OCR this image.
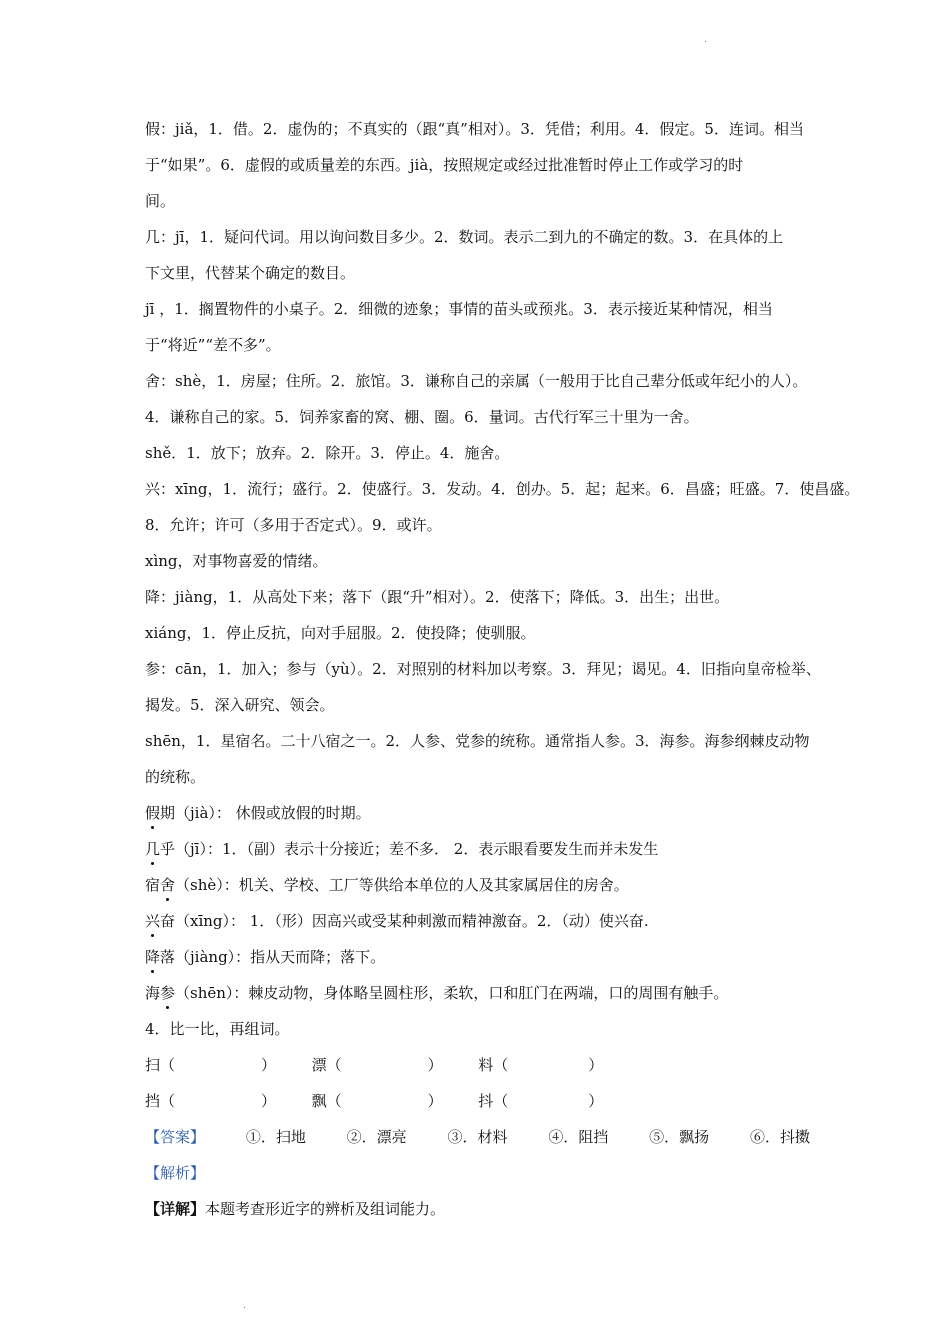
·
假：jiǎ，1．借。2．虚伪的；不真实的（跟“真”相对）。3．凭借；利用。4．假定。5．连词。相当
于“如果”。6．虚假的或质量差的东西。jià，按照规定或经过批准暂时停止工作或学习的时
间。
几：jī，1．疑问代词。用以询问数目多少。2．数词。表示二到九的不确定的数。3．在具体的上
下文里，代替某个确定的数目。
jī ，1．搁置物件的小桌子。2．细微的迹象；事情的苗头或预兆。3．表示接近某种情况，相当
于“将近”“差不多”。
舍：shè，1．房屋；住所。2．旅馆。3．谦称自己的亲属（一般用于比自己辈分低或年纪小的人）。
4．谦称自己的家。5．饲养家畜的窝、棚、圈。6．量词。古代行军三十里为一舍。
shě．1．放下；放弃。2．除开。3．停止。4．施舍。
兴：xīng，1．流行；盛行。2．使盛行。3．发动。4．创办。5．起；起来。6．昌盛；旺盛。7．使昌盛。
8．允许；许可（多用于否定式）。9．或许。
xìng，对事物喜爱的情绪。
降：jiàng，1．从高处下来；落下（跟“升”相对）。2．使落下；降低。3．出生；出世。
xiáng，1．停止反抗，向对手屈服。2．使投降；使驯服。
参：cān，1．加入；参与（yù）。2．对照别的材料加以考察。3．拜见；谒见。4．旧指向皇帝检举、
揭发。5．深入研究、领会。
shēn，1．星宿名。二十八宿之一。2．人参、党参的统称。通常指人参。3．海参。海参纲棘皮动物
的统称。
假期（jià）： 休假或放假的时期。
几乎（jī）：1．（副）表示十分接近；差不多． 2．表示眼看要发生而并未发生
宿舍（shè）：机关、学校、工厂等供给本单位的人及其家属居住的房舍。
兴奋（xīng）： 1．（形）因高兴或受某种刺激而精神激奋。2．（动）使兴奋.
降落（jiàng）：指从天而降；落下。
海参（shēn）：棘皮动物，身体略呈圆柱形，柔软，口和肛门在两端，口的周围有触手。
4．比一比，再组词。
扫（	） 漂（	） 料（	）
挡（	） 飘（	） 抖（	）
【答案】	①．扫地	②．漂亮	③．材料	④．阻挡	⑤．飘扬	⑥．抖擞
【解析】
【详解】本题考查形近字的辨析及组词能力。
·
